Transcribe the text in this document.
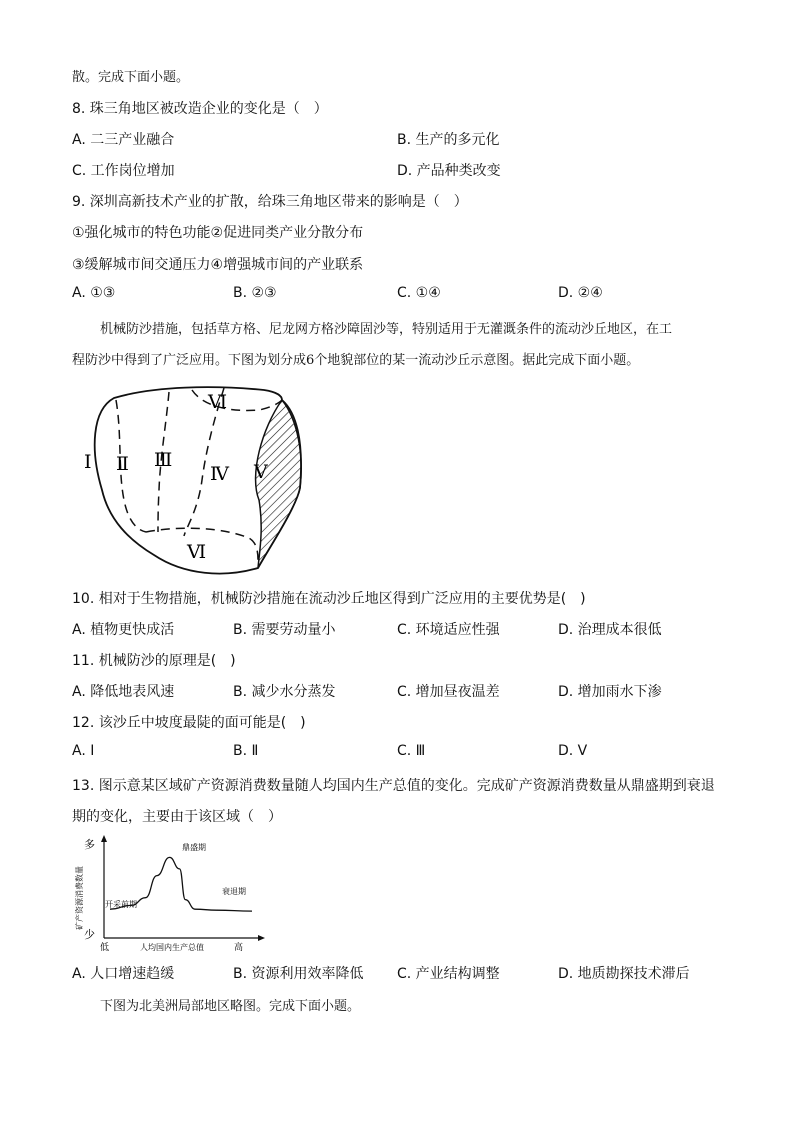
散。完成下面小题。
8. 珠三角地区被改造企业的变化是（　）
A. 二三产业融合	B. 生产的多元化
C. 工作岗位增加	D. 产品种类改变
9. 深圳高新技术产业的扩散，给珠三角地区带来的影响是（　）
①强化城市的特色功能②促进同类产业分散分布
③缓解城市间交通压力④增强城市间的产业联系
A. ①③	B. ②③	C. ①④	D. ②④
机械防沙措施，包括草方格、尼龙网方格沙障固沙等，特别适用于无灌溉条件的流动沙丘地区，在工
程防沙中得到了广泛应用。下图为划分成6个地貌部位的某一流动沙丘示意图。据此完成下面小题。
Ⅰ Ⅱ Ⅲ
Ⅳ Ⅴ
Ⅵ
Ⅵ
10. 相对于生物措施，机械防沙措施在流动沙丘地区得到广泛应用的主要优势是(　)
A. 植物更快成活	B. 需要劳动量小	C. 环境适应性强	D. 治理成本很低
11. 机械防沙的原理是(　)
A. 降低地表风速	B. 减少水分蒸发	C. 增加昼夜温差	D. 增加雨水下渗
12. 该沙丘中坡度最陡的面可能是(　)
A. Ⅰ	B. Ⅱ	C. Ⅲ	D. Ⅴ
13. 图示意某区域矿产资源消费数量随人均国内生产总值的变化。完成矿产资源消费数量从鼎盛期到衰退
期的变化，主要由于该区域（　）
多
少
低	高
人均国内生产总值
矿产资源消费数量	开采前期
鼎盛期
衰退期
A. 人口增速趋缓	B. 资源利用效率降低 C. 产业结构调整	D. 地质勘探技术滞后
下图为北美洲局部地区略图。完成下面小题。
